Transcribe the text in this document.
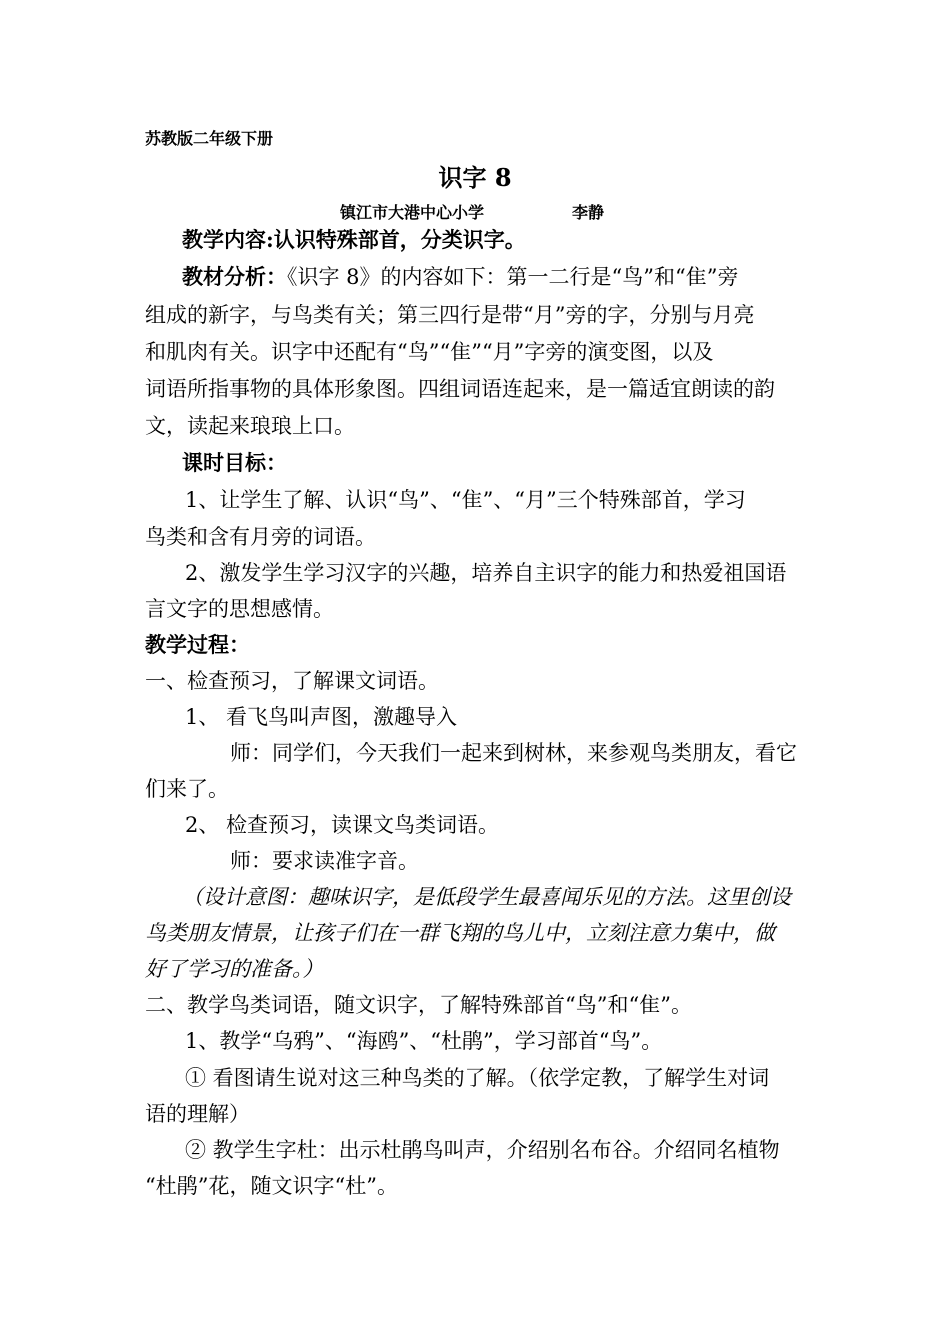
苏教版二年级下册
识字 8
镇江市大港中心小学	李静
教学内容:认识特殊部首，分类识字。
教材分析：《识字 8》的内容如下：第一二行是“鸟”和“隹”旁
组成的新字，与鸟类有关；第三四行是带“月”旁的字，分别与月亮
和肌肉有关。识字中还配有“鸟”“隹”“月”字旁的演变图，以及
词语所指事物的具体形象图。四组词语连起来，是一篇适宜朗读的韵
文，读起来琅琅上口。
课时目标：
1、让学生了解、认识“鸟”、“隹”、“月”三个特殊部首，学习
鸟类和含有月旁的词语。
2、激发学生学习汉字的兴趣，培养自主识字的能力和热爱祖国语
言文字的思想感情。
教学过程：
一、检查预习，了解课文词语。
1、 看飞鸟叫声图，激趣导入
师：同学们，今天我们一起来到树林，来参观鸟类朋友，看它
们来了。
2、 检查预习，读课文鸟类词语。
师：要求读准字音。
（设计意图：趣味识字，是低段学生最喜闻乐见的方法。这里创设
鸟类朋友情景，让孩子们在一群飞翔的鸟儿中，立刻注意力集中，做
好了学习的准备。）
二、教学鸟类词语，随文识字，了解特殊部首“鸟”和“隹”。
1、教学“乌鸦”、“海鸥”、“杜鹃”，学习部首“鸟”。
① 看图请生说对这三种鸟类的了解。（依学定教，了解学生对词
语的理解）
② 教学生字杜：出示杜鹃鸟叫声，介绍别名布谷。介绍同名植物
“杜鹃”花，随文识字“杜”。
